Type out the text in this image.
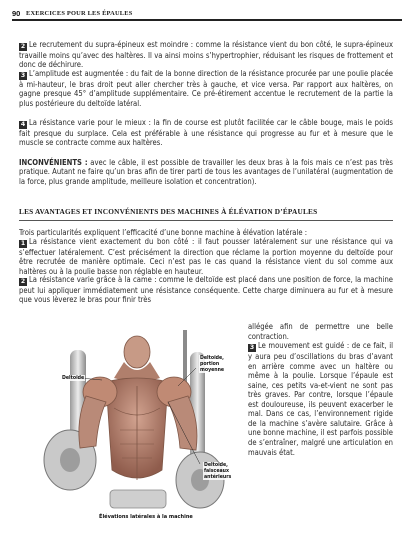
90 EXERCICES POUR LES ÉPAULES

2 Le recrutement du supra-épineux est moindre : comme la résistance vient du bon côté, le supra-épineux travaille moins qu’avec des haltères. Il va ainsi moins s’hypertrophier, réduisant les risques de frottement et donc de déchirure.

3 L’amplitude est augmentée : du fait de la bonne direction de la résistance procurée par une poulie placée à mi-hauteur, le bras droit peut aller chercher très à gauche, et vice versa. Par rapport aux haltères, on gagne presque 45° d’amplitude supplémentaire. Ce pré-étirement accentue le recrutement de la partie la plus postérieure du deltoïde latéral.

4 La résistance varie pour le mieux : la fin de course est plutôt facilitée car le câble bouge, mais le poids fait presque du surplace. Cela est préférable à une résistance qui progresse au fur et à mesure que le muscle se contracte comme aux haltères.

INCONVÉNIENTS : avec le câble, il est possible de travailler les deux bras à la fois mais ce n’est pas très pratique. Autant ne faire qu’un bras afin de tirer parti de tous les avantages de l’unilatéral (augmentation de la force, plus grande amplitude, meilleure isolation et concentration).

LES AVANTAGES ET INCONVÉNIENTS DES MACHINES À ÉLÉVATION D’ÉPAULES

Trois particularités expliquent l’efficacité d’une bonne machine à élévation latérale :

1 La résistance vient exactement du bon côté : il faut pousser latéralement sur une résistance qui va s’effectuer latéralement. C’est précisément la direction que réclame la portion moyenne du deltoïde pour être recrutée de manière optimale. Ceci n’est pas le cas quand la résistance vient du sol comme aux haltères ou à la poulie basse non réglable en hauteur.

2 La résistance varie grâce à la came : comme le deltoïde est placé dans une position de force, la machine peut lui appliquer immédiatement une résistance conséquente. Cette charge diminuera au fur et à mesure que vous lèverez le bras pour finir très

allégée afin de permettre une belle contraction.

3 Le mouvement est guidé : de ce fait, il y aura peu d’oscillations du bras d’avant en arrière comme avec un haltère ou même à la poulie. Lorsque l’épaule est saine, ces petits va-et-vient ne sont pas très graves. Par contre, lorsque l’épaule est douloureuse, ils peuvent exacerber le mal. Dans ce cas, l’environnement rigide de la machine s’avère salutaire. Grâce à une bonne machine, il est parfois possible de s’entraîner, malgré une articulation en mauvais état.

Deltoïde
Deltoïde, portion moyenne
Deltoïde, faisceaux antérieurs
Élévations latérales à la machine
